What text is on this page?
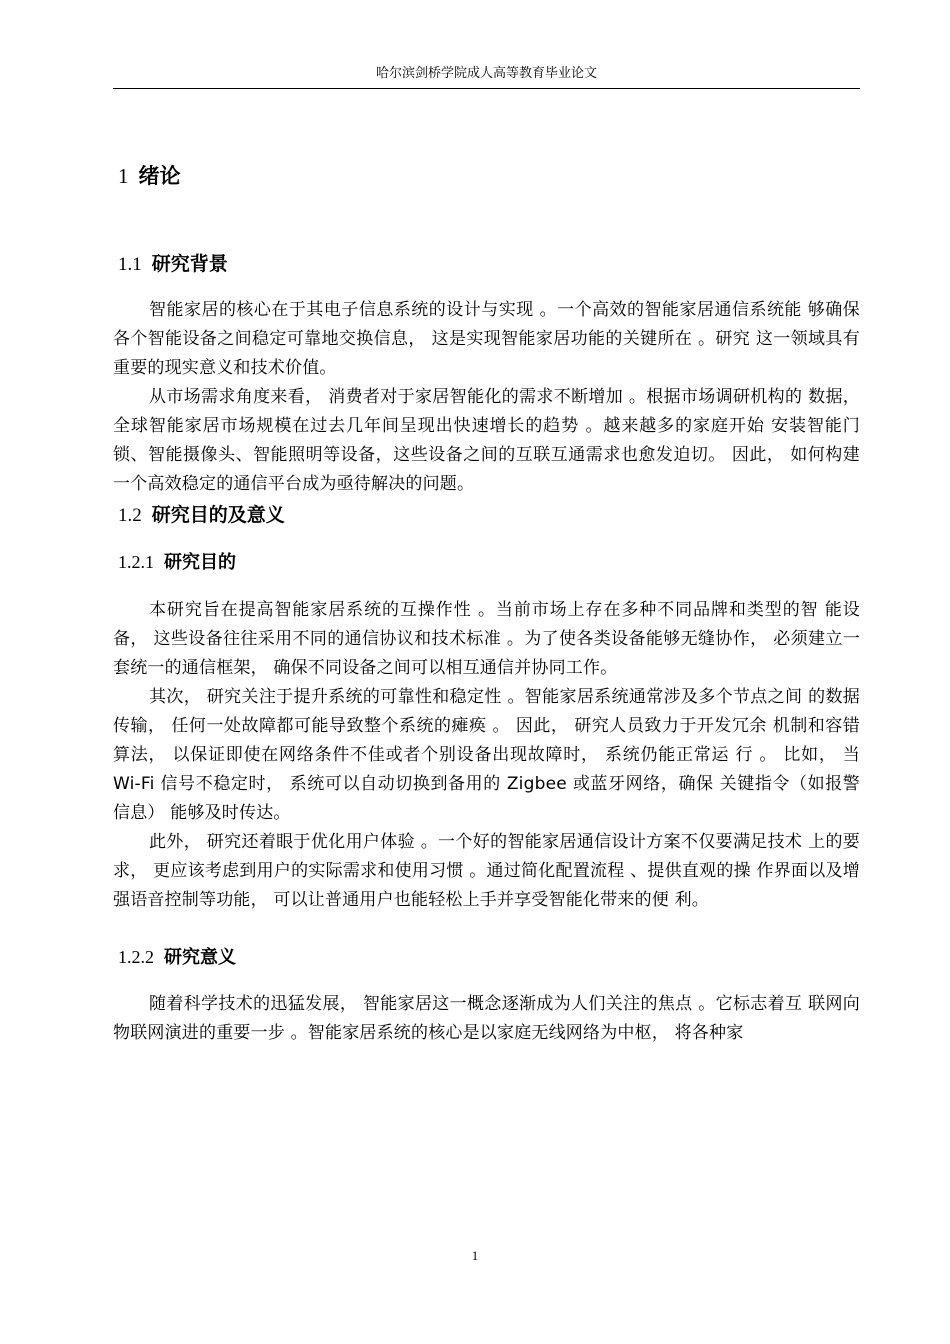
哈尔滨剑桥学院成人高等教育毕业论文
1 绪论
1.1 研究背景

智能家居的核心在于其电子信息系统的设计与实现 。一个高效的智能家居通信系统能 够确保各个智能设备之间稳定可靠地交换信息， 这是实现智能家居功能的关键所在 。研究 这一领域具有重要的现实意义和技术价值。

从市场需求角度来看， 消费者对于家居智能化的需求不断增加 。根据市场调研机构的 数据， 全球智能家居市场规模在过去几年间呈现出快速增长的趋势 。越来越多的家庭开始 安装智能门锁、智能摄像头、智能照明等设备，这些设备之间的互联互通需求也愈发迫切。 因此， 如何构建一个高效稳定的通信平台成为亟待解决的问题。

1.2 研究目的及意义
1.2.1 研究目的

本研究旨在提高智能家居系统的互操作性 。当前市场上存在多种不同品牌和类型的智 能设备， 这些设备往往采用不同的通信协议和技术标准 。为了使各类设备能够无缝协作， 必须建立一套统一的通信框架， 确保不同设备之间可以相互通信并协同工作。

其次， 研究关注于提升系统的可靠性和稳定性 。智能家居系统通常涉及多个节点之间 的数据传输， 任何一处故障都可能导致整个系统的瘫痪 。 因此， 研究人员致力于开发冗余 机制和容错算法， 以保证即使在网络条件不佳或者个别设备出现故障时， 系统仍能正常运 行 。 比如， 当 Wi-Fi 信号不稳定时， 系统可以自动切换到备用的 Zigbee 或蓝牙网络，确保 关键指令（如报警信息） 能够及时传达。

此外， 研究还着眼于优化用户体验 。一个好的智能家居通信设计方案不仅要满足技术 上的要求， 更应该考虑到用户的实际需求和使用习惯 。通过简化配置流程 、提供直观的操 作界面以及增强语音控制等功能， 可以让普通用户也能轻松上手并享受智能化带来的便 利。

1.2.2 研究意义

随着科学技术的迅猛发展， 智能家居这一概念逐渐成为人们关注的焦点 。它标志着互 联网向物联网演进的重要一步 。智能家居系统的核心是以家庭无线网络为中枢， 将各种家

1
